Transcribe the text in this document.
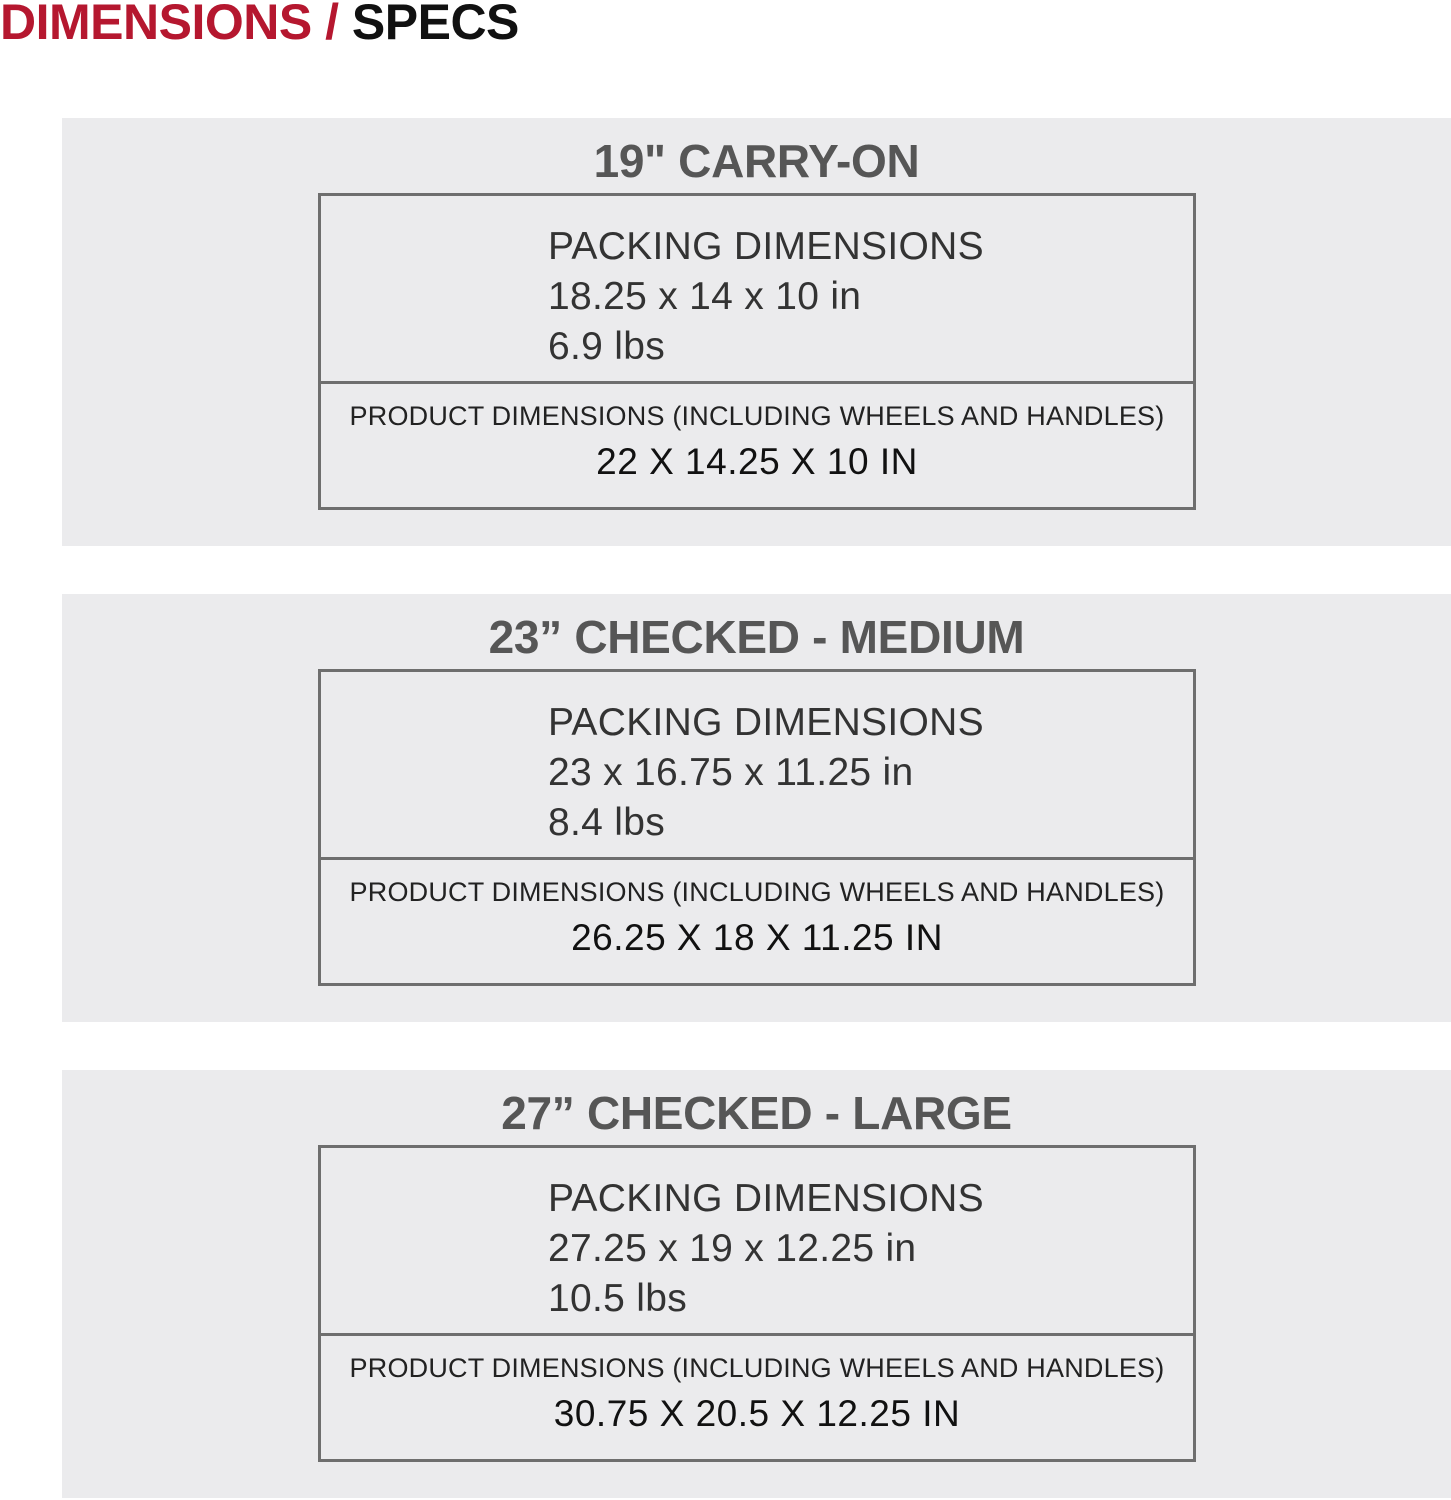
DIMENSIONS / SPECS
19" CARRY-ON
PACKING DIMENSIONS
18.25 x 14 x 10 in
6.9 lbs
PRODUCT DIMENSIONS (INCLUDING WHEELS AND HANDLES)
22 X 14.25 X 10 IN
23” CHECKED - MEDIUM
PACKING DIMENSIONS
23 x 16.75 x 11.25 in
8.4 lbs
PRODUCT DIMENSIONS (INCLUDING WHEELS AND HANDLES)
26.25 X 18 X 11.25 IN
27” CHECKED - LARGE
PACKING DIMENSIONS
27.25 x 19 x 12.25 in
10.5 lbs
PRODUCT DIMENSIONS (INCLUDING WHEELS AND HANDLES)
30.75 X 20.5 X 12.25 IN
